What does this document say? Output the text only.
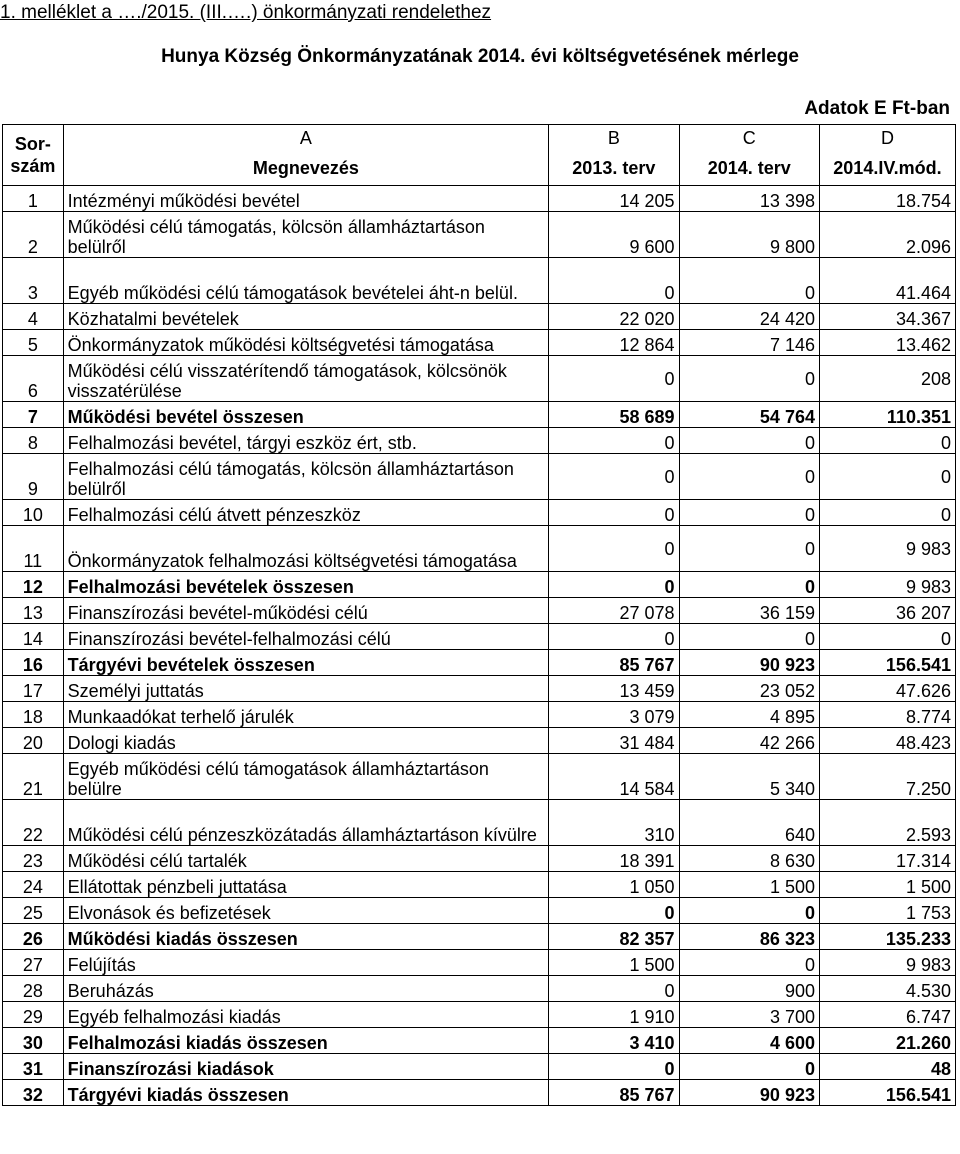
1. melléklet a …./2015. (III.….) önkormányzati rendelethez
Hunya Község Önkormányzatának 2014. évi költségvetésének mérlege
Adatok E Ft-ban
Sor-szám	A	B	C	D
	Megnevezés	2013. terv	2014. terv	2014.IV.mód.
1	Intézményi működési bevétel	14 205	13 398	18.754
2	Működési célú támogatás, kölcsön államháztartáson belülről	9 600	9 800	2.096
3	Egyéb működési célú támogatások bevételei áht-n belül.	0	0	41.464
4	Közhatalmi bevételek	22 020	24 420	34.367
5	Önkormányzatok működési költségvetési támogatása	12 864	7 146	13.462
6	Működési célú visszatérítendő támogatások, kölcsönök visszatérülése	0	0	208
7	Működési bevétel összesen	58 689	54 764	110.351
8	Felhalmozási bevétel, tárgyi eszköz ért, stb.	0	0	0
9	Felhalmozási célú támogatás, kölcsön államháztartáson belülről	0	0	0
10	Felhalmozási célú átvett pénzeszköz	0	0	0
11	Önkormányzatok felhalmozási költségvetési támogatása	0	0	9 983
12	Felhalmozási bevételek összesen	0	0	9 983
13	Finanszírozási bevétel-működési célú	27 078	36 159	36 207
14	Finanszírozási bevétel-felhalmozási célú	0	0	0
16	Tárgyévi bevételek összesen	85 767	90 923	156.541
17	Személyi juttatás	13 459	23 052	47.626
18	Munkaadókat terhelő járulék	3 079	4 895	8.774
20	Dologi kiadás	31 484	42 266	48.423
21	Egyéb működési célú támogatások államháztartáson belülre	14 584	5 340	7.250
22	Működési célú pénzeszközátadás államháztartáson kívülre	310	640	2.593
23	Működési célú tartalék	18 391	8 630	17.314
24	Ellátottak pénzbeli juttatása	1 050	1 500	1 500
25	Elvonások és befizetések	0	0	1 753
26	Működési kiadás összesen	82 357	86 323	135.233
27	Felújítás	1 500	0	9 983
28	Beruházás	0	900	4.530
29	Egyéb felhalmozási kiadás	1 910	3 700	6.747
30	Felhalmozási kiadás összesen	3 410	4 600	21.260
31	Finanszírozási kiadások	0	0	48
32	Tárgyévi kiadás összesen	85 767	90 923	156.541
